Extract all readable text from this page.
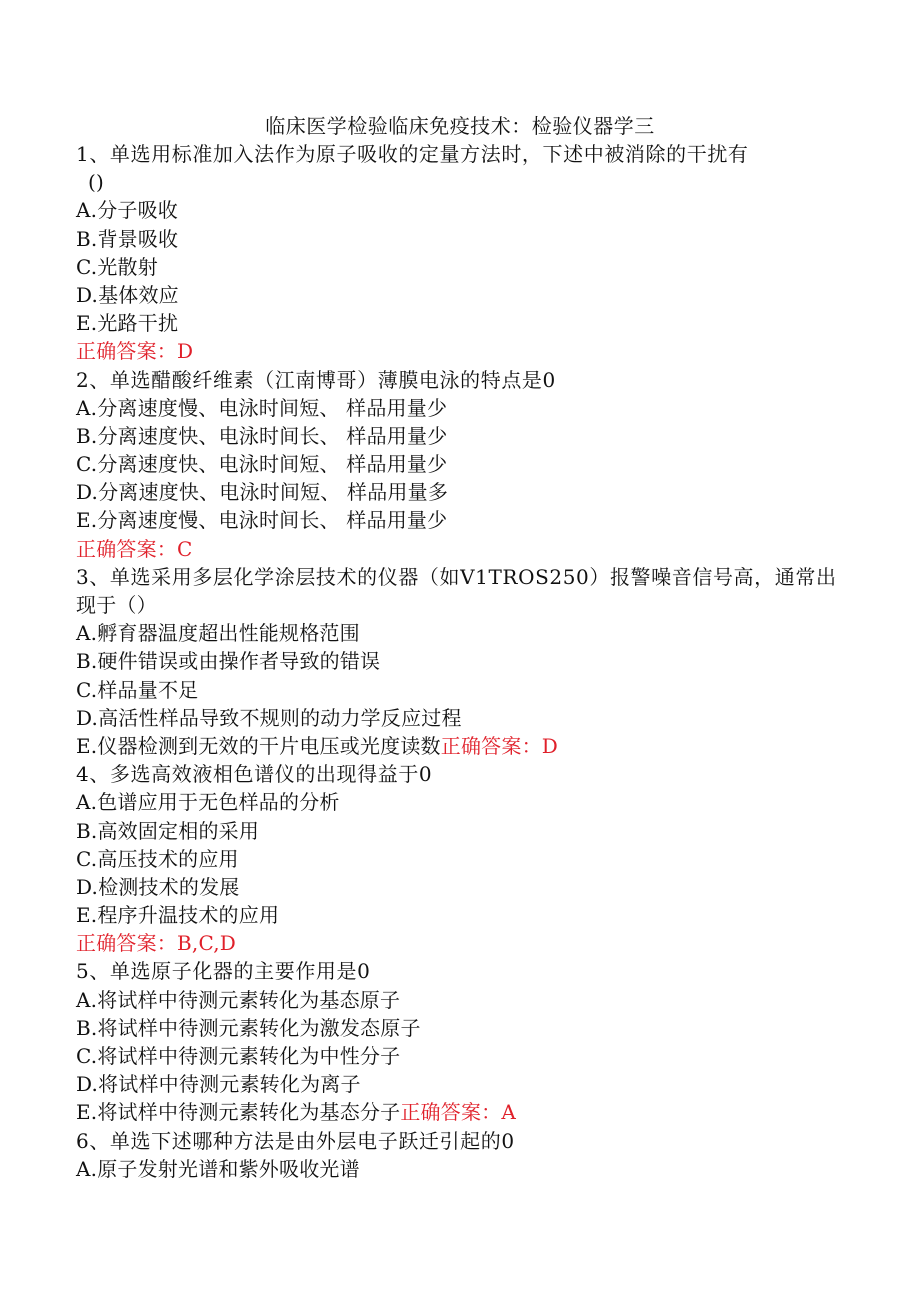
临床医学检验临床免疫技术：检验仪器学三
1、单选用标准加入法作为原子吸收的定量方法时，下述中被消除的干扰有
()
A.分子吸收
B.背景吸收
C.光散射
D.基体效应
E.光路干扰
正确答案：D
2、单选醋酸纤维素（江南博哥）薄膜电泳的特点是0
A.分离速度慢、电泳时间短、 样品用量少
B.分离速度快、电泳时间长、 样品用量少
C.分离速度快、电泳时间短、 样品用量少
D.分离速度快、电泳时间短、 样品用量多
E.分离速度慢、电泳时间长、 样品用量少
正确答案：C
3、单选采用多层化学涂层技术的仪器（如V1TROS250）报警噪音信号高，通常出
现于（）
A.孵育器温度超出性能规格范围
B.硬件错误或由操作者导致的错误
C.样品量不足
D.高活性样品导致不规则的动力学反应过程
E.仪器检测到无效的干片电压或光度读数正确答案：D
4、多选高效液相色谱仪的出现得益于0
A.色谱应用于无色样品的分析
B.高效固定相的采用
C.高压技术的应用
D.检测技术的发展
E.程序升温技术的应用
正确答案：B,C,D
5、单选原子化器的主要作用是0
A.将试样中待测元素转化为基态原子
B.将试样中待测元素转化为激发态原子
C.将试样中待测元素转化为中性分子
D.将试样中待测元素转化为离子
E.将试样中待测元素转化为基态分子正确答案：A
6、单选下述哪种方法是由外层电子跃迁引起的0
A.原子发射光谱和紫外吸收光谱
